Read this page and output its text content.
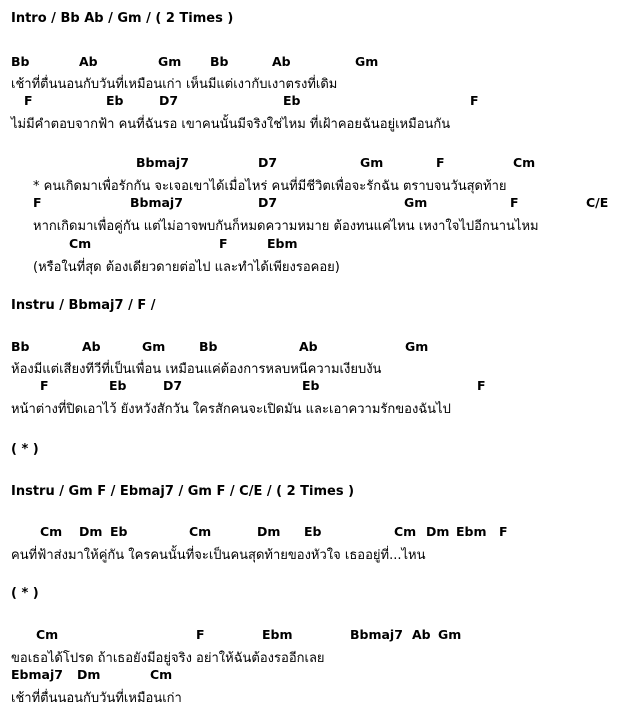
Intro / Bb Ab / Gm / ( 2 Times )
Bb	Ab	Gm Bb	Ab	Gm
เช้าที่ตื่นนอนกับวันที่เหมือนเก่า เห็นมีแต่เงากับเงาตรงที่เดิม
F	Eb	D7	Eb	F
ไม่มีคำตอบจากฟ้า คนที่ฉันรอ เขาคนนั้นมีจริงใช่ไหม ที่เฝ้าคอยฉันอยู่เหมือนกัน
Bbmaj7	D7	Gm	F	Cm
* คนเกิดมาเพื่อรักกัน จะเจอเขาได้เมื่อไหร่ คนที่มีชีวิตเพื่อจะรักฉัน ตราบจนวันสุดท้าย
F	Bbmaj7	D7	Gm	F	C/E
หากเกิดมาเพื่อคู่กัน แต่ไม่อาจพบกันก็หมดความหมาย ต้องทนแค่ไหน เหงาใจไปอีกนานไหม
Cm	F	Ebm
(หรือในที่สุด ต้องเดียวดายต่อไป และทำได้เพียงรอคอย)
Instru / Bbmaj7 / F /
Bb	Ab	Gm	Bb	Ab	Gm
ห้องมีแต่เสียงทีวีที่เป็นเพื่อน เหมือนแค่ต้องการหลบหนีความเงียบงัน
F	Eb	D7	Eb	F
หน้าต่างที่ปิดเอาไว้ ยังหวังสักวัน ใครสักคนจะเปิดมัน และเอาความรักของฉันไป
( * )
Instru / Gm F / Ebmaj7 / Gm F / C/E / ( 2 Times )
Cm Dm Eb	Cm	Dm Eb	Cm Dm Ebm F
คนที่ฟ้าส่งมาให้คู่กัน ใครคนนั้นที่จะเป็นคนสุดท้ายของหัวใจ เธออยู่ที่...ไหน
( * )
Cm	F	Ebm	Bbmaj7 Ab Gm
ขอเธอได้โปรด ถ้าเธอยังมีอยู่จริง อย่าให้ฉันต้องรออีกเลย
Ebmaj7 Dm	Cm
เช้าที่ตื่นนอนกับวันที่เหมือนเก่า
